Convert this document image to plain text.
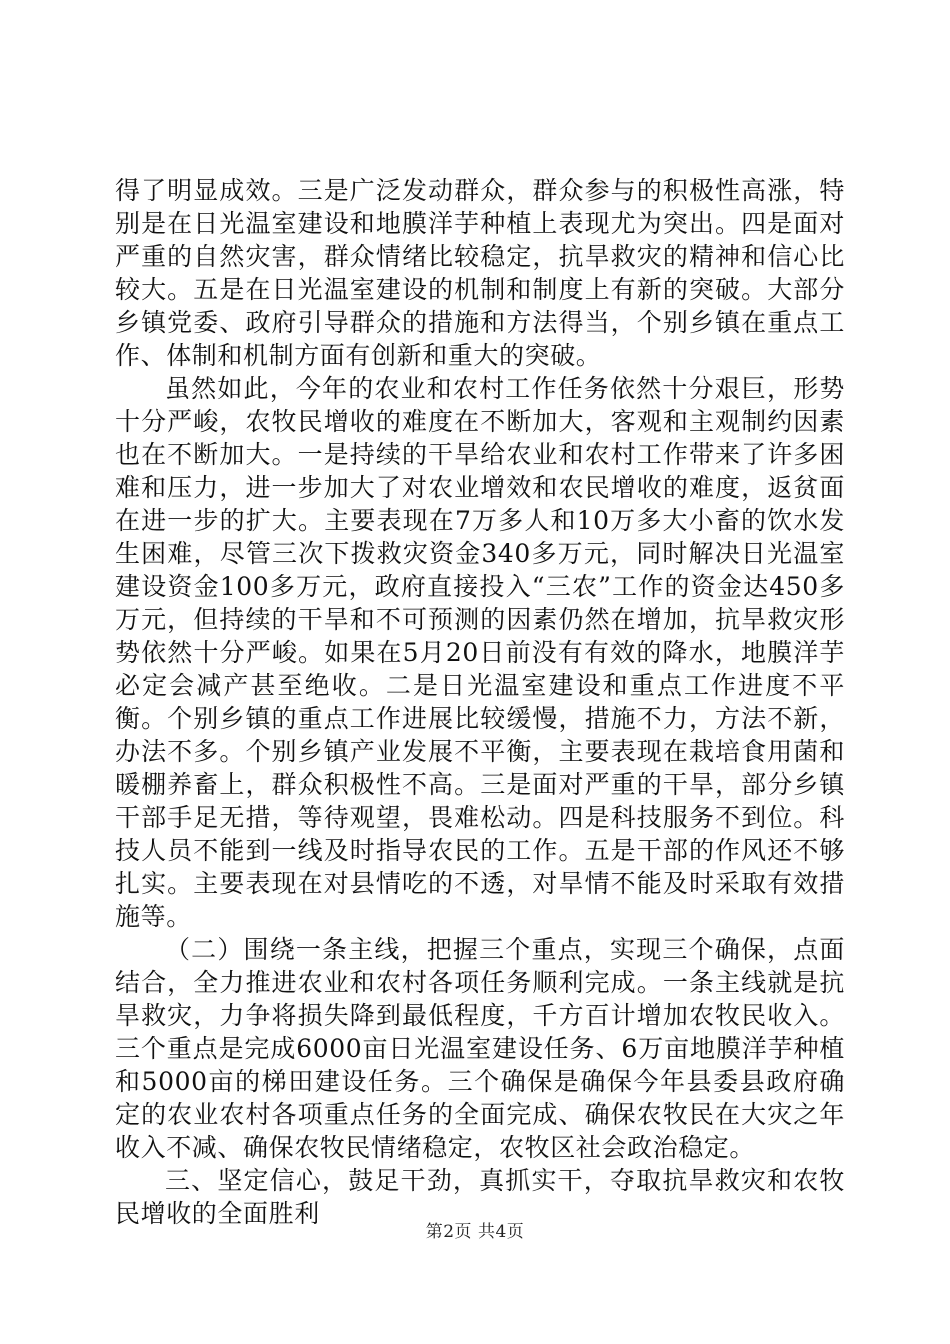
得了明显成效。三是广泛发动群众，群众参与的积极性高涨，特别是在日光温室建设和地膜洋芋种植上表现尤为突出。四是面对严重的自然灾害，群众情绪比较稳定，抗旱救灾的精神和信心比较大。五是在日光温室建设的机制和制度上有新的突破。大部分乡镇党委、政府引导群众的措施和方法得当，个别乡镇在重点工作、体制和机制方面有创新和重大的突破。

虽然如此，今年的农业和农村工作任务依然十分艰巨，形势十分严峻，农牧民增收的难度在不断加大，客观和主观制约因素也在不断加大。一是持续的干旱给农业和农村工作带来了许多困难和压力，进一步加大了对农业增效和农民增收的难度，返贫面在进一步的扩大。主要表现在7万多人和10万多大小畜的饮水发生困难，尽管三次下拨救灾资金340多万元，同时解决日光温室建设资金100多万元，政府直接投入“三农”工作的资金达450多万元，但持续的干旱和不可预测的因素仍然在增加，抗旱救灾形势依然十分严峻。如果在5月20日前没有有效的降水，地膜洋芋必定会减产甚至绝收。二是日光温室建设和重点工作进度不平衡。个别乡镇的重点工作进展比较缓慢，措施不力，方法不新，办法不多。个别乡镇产业发展不平衡，主要表现在栽培食用菌和暖棚养畜上，群众积极性不高。三是面对严重的干旱，部分乡镇干部手足无措，等待观望，畏难松动。四是科技服务不到位。科技人员不能到一线及时指导农民的工作。五是干部的作风还不够扎实。主要表现在对县情吃的不透，对旱情不能及时采取有效措施等。

（二）围绕一条主线，把握三个重点，实现三个确保，点面结合，全力推进农业和农村各项任务顺利完成。一条主线就是抗旱救灾，力争将损失降到最低程度，千方百计增加农牧民收入。三个重点是完成6000亩日光温室建设任务、6万亩地膜洋芋种植和5000亩的梯田建设任务。三个确保是确保今年县委县政府确定的农业农村各项重点任务的全面完成、确保农牧民在大灾之年收入不减、确保农牧民情绪稳定，农牧区社会政治稳定。

三、坚定信心，鼓足干劲，真抓实干，夺取抗旱救灾和农牧民增收的全面胜利

第2页 共4页
